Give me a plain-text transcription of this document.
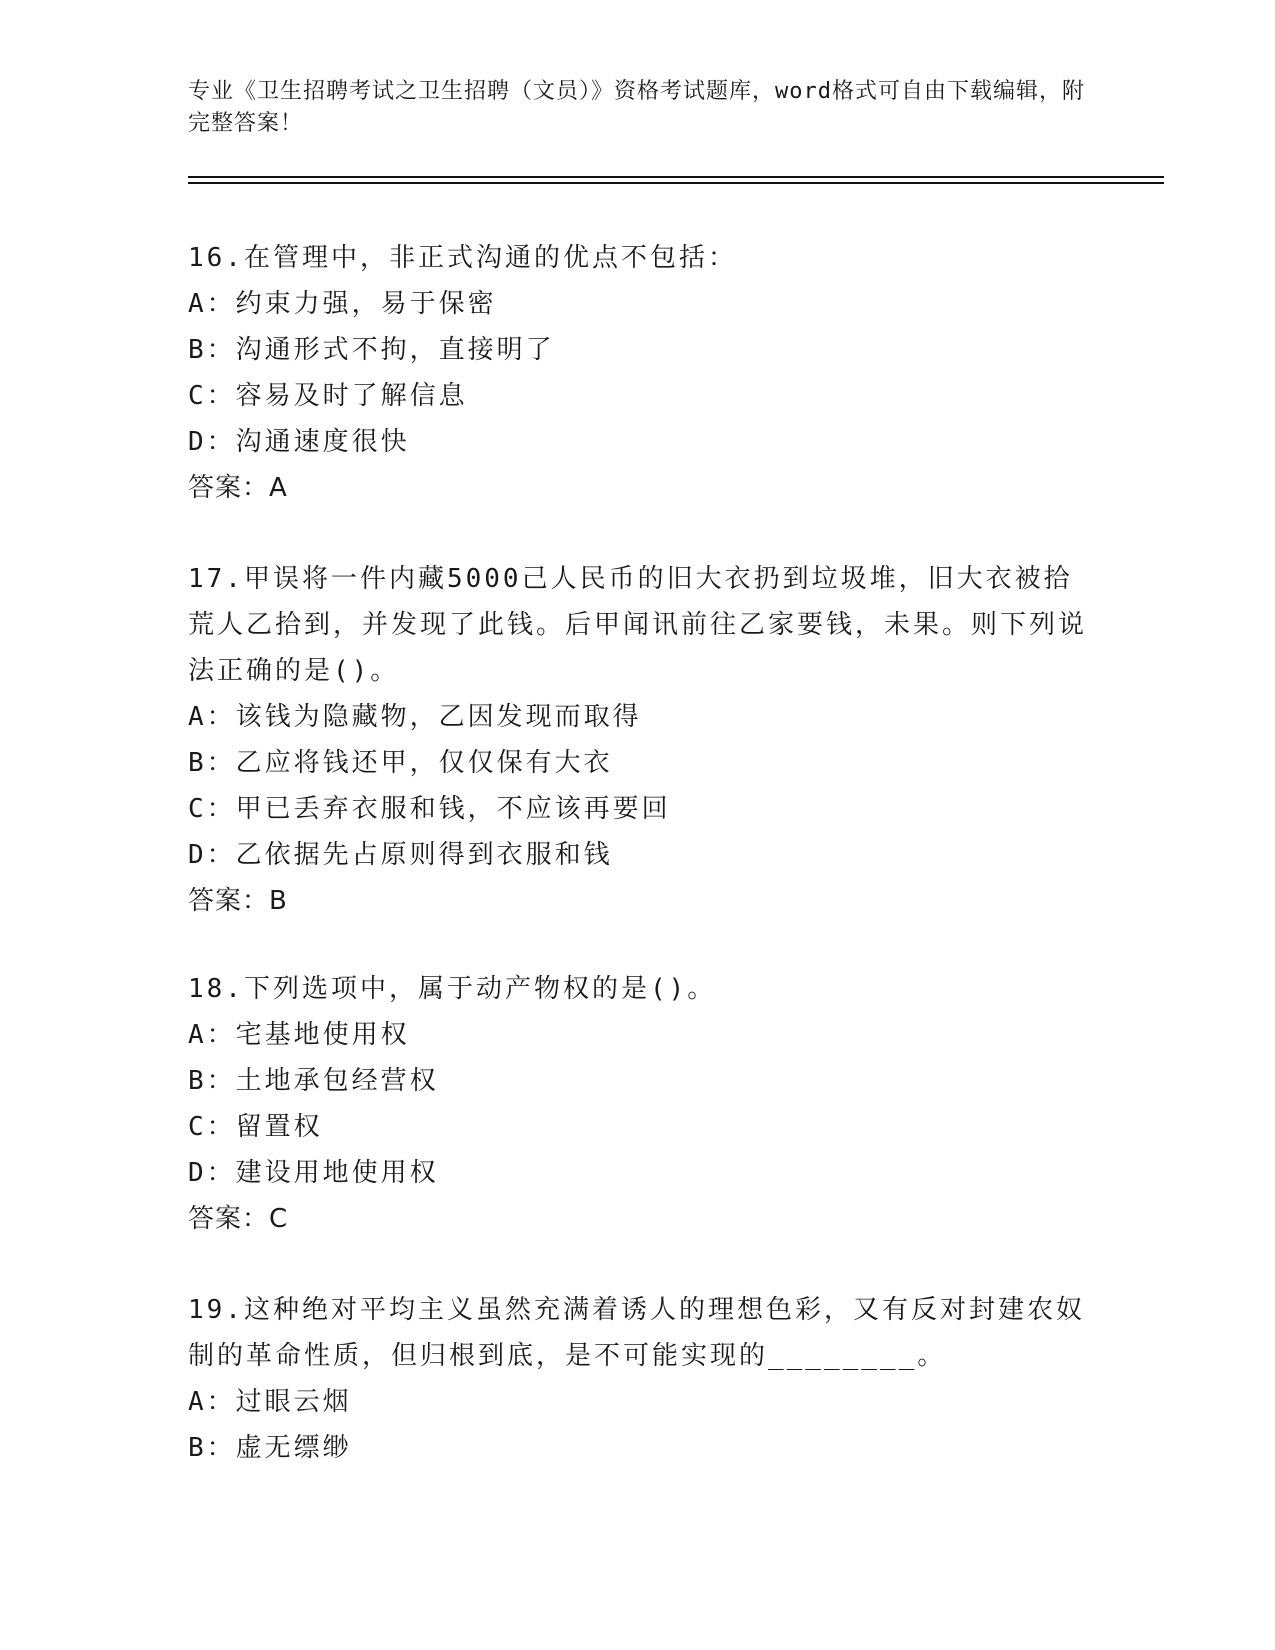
专业《卫生招聘考试之卫生招聘（文员）》资格考试题库，word格式可自由下载编辑，附完整答案！
16.在管理中，非正式沟通的优点不包括：
A：约束力强，易于保密
B：沟通形式不拘，直接明了
C：容易及时了解信息
D：沟通速度很快
答案：A
17.甲误将一件内藏5000己人民币的旧大衣扔到垃圾堆，旧大衣被拾荒人乙拾到，并发现了此钱。后甲闻讯前往乙家要钱，未果。则下列说法正确的是()。
A：该钱为隐藏物，乙因发现而取得
B：乙应将钱还甲，仅仅保有大衣
C：甲已丢弃衣服和钱，不应该再要回
D：乙依据先占原则得到衣服和钱
答案：B
18.下列选项中，属于动产物权的是()。
A：宅基地使用权
B：土地承包经营权
C：留置权
D：建设用地使用权
答案：C
19.这种绝对平均主义虽然充满着诱人的理想色彩，又有反对封建农奴制的革命性质，但归根到底，是不可能实现的________。
A：过眼云烟
B：虚无缥缈
